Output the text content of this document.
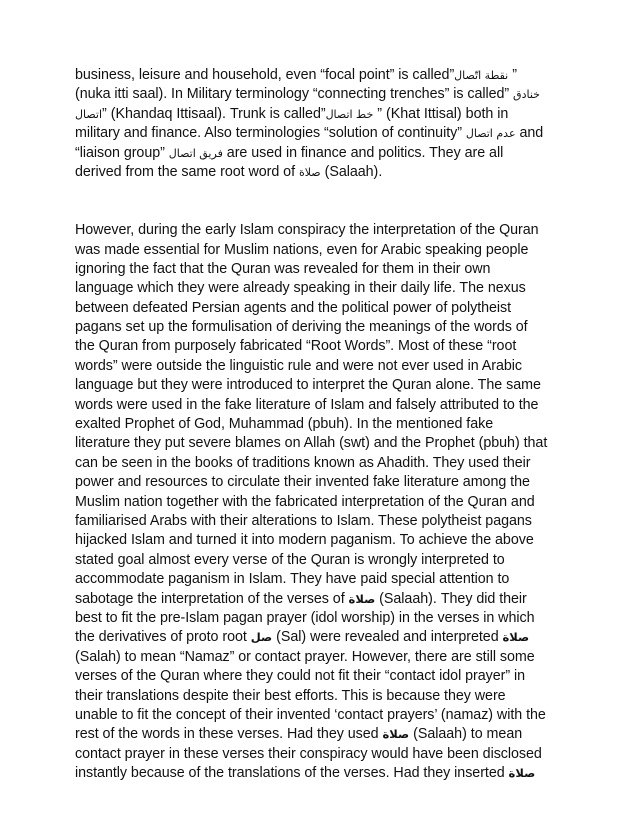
business, leisure and household, even “focal point” is called”نقطة اتّصال ”
(nuka itti saal). In Military terminology “connecting trenches” is called” خنادق
اتصال” (Khandaq Ittisaal). Trunk is called”خط اتصال ” (Khat Ittisal) both in
military and finance. Also terminologies “solution of continuity” عدم اتصال and
“liaison group” فريق اتصال are used in finance and politics. They are all
derived from the same root word of صلاة (Salaah).
However, during the early Islam conspiracy the interpretation of the Quran
was made essential for Muslim nations, even for Arabic speaking people
ignoring the fact that the Quran was revealed for them in their own
language which they were already speaking in their daily life. The nexus
between defeated Persian agents and the political power of polytheist
pagans set up the formulisation of deriving the meanings of the words of
the Quran from purposely fabricated “Root Words”. Most of these “root
words” were outside the linguistic rule and were not ever used in Arabic
language but they were introduced to interpret the Quran alone. The same
words were used in the fake literature of Islam and falsely attributed to the
exalted Prophet of God, Muhammad (pbuh). In the mentioned fake
literature they put severe blames on Allah (swt) and the Prophet (pbuh) that
can be seen in the books of traditions known as Ahadith. They used their
power and resources to circulate their invented fake literature among the
Muslim nation together with the fabricated interpretation of the Quran and
familiarised Arabs with their alterations to Islam. These polytheist pagans
hijacked Islam and turned it into modern paganism. To achieve the above
stated goal almost every verse of the Quran is wrongly interpreted to
accommodate paganism in Islam. They have paid special attention to
sabotage the interpretation of the verses of صلاة (Salaah). They did their
best to fit the pre-Islam pagan prayer (idol worship) in the verses in which
the derivatives of proto root صل (Sal) were revealed and interpreted صلاة
(Salah) to mean “Namaz” or contact prayer. However, there are still some
verses of the Quran where they could not fit their “contact idol prayer” in
their translations despite their best efforts. This is because they were
unable to fit the concept of their invented ‘contact prayers’ (namaz) with the
rest of the words in these verses. Had they used صلاة (Salaah) to mean
contact prayer in these verses their conspiracy would have been disclosed
instantly because of the translations of the verses. Had they inserted صلاة
